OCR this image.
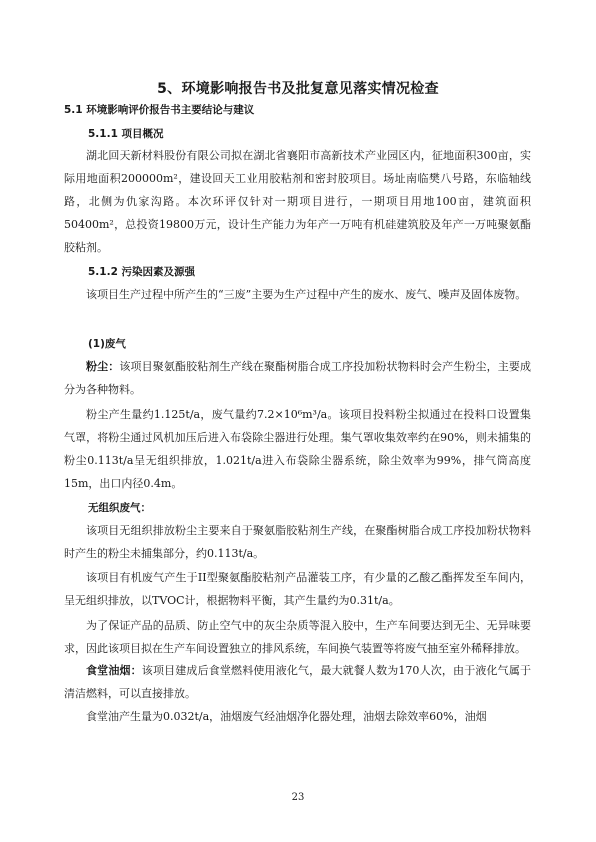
5、环境影响报告书及批复意见落实情况检查
5.1 环境影响评价报告书主要结论与建议
5.1.1 项目概况

湖北回天新材料股份有限公司拟在湖北省襄阳市高新技术产业园区内，征地面积300亩，实际用地面积200000m²，建设回天工业用胶粘剂和密封胶项目。场址南临樊八号路，东临轴线路，北侧为仇家沟路。本次环评仅针对一期项目进行，一期项目用地100亩，建筑面积50400m²，总投资19800万元，设计生产能力为年产一万吨有机硅建筑胶及年产一万吨聚氨酯胶粘剂。

5.1.2 污染因素及源强

该项目生产过程中所产生的“三废”主要为生产过程中产生的废水、废气、噪声及固体废物。

(1)废气

粉尘：该项目聚氨酯胶粘剂生产线在聚酯树脂合成工序投加粉状物料时会产生粉尘，主要成分为各种物料。

粉尘产生量约1.125t/a，废气量约7.2×10⁶m³/a。该项目投料粉尘拟通过在投料口设置集气罩，将粉尘通过风机加压后进入布袋除尘器进行处理。集气罩收集效率约在90%，则未捕集的粉尘0.113t/a呈无组织排放，1.021t/a进入布袋除尘器系统，除尘效率为99%，排气筒高度15m，出口内径0.4m。

无组织废气：

该项目无组织排放粉尘主要来自于聚氨脂胶粘剂生产线，在聚酯树脂合成工序投加粉状物料时产生的粉尘未捕集部分，约0.113t/a。

该项目有机废气产生于II型聚氨酯胶粘剂产品灌装工序，有少量的乙酸乙酯挥发至车间内，呈无组织排放，以TVOC计，根据物料平衡，其产生量约为0.31t/a。

为了保证产品的品质、防止空气中的灰尘杂质等混入胶中，生产车间要达到无尘、无异味要求，因此该项目拟在生产车间设置独立的排风系统，车间换气装置等将废气抽至室外稀释排放。

食堂油烟：该项目建成后食堂燃料使用液化气，最大就餐人数为170人次，由于液化气属于清洁燃料，可以直接排放。

食堂油产生量为0.032t/a，油烟废气经油烟净化器处理，油烟去除效率60%，油烟

23
